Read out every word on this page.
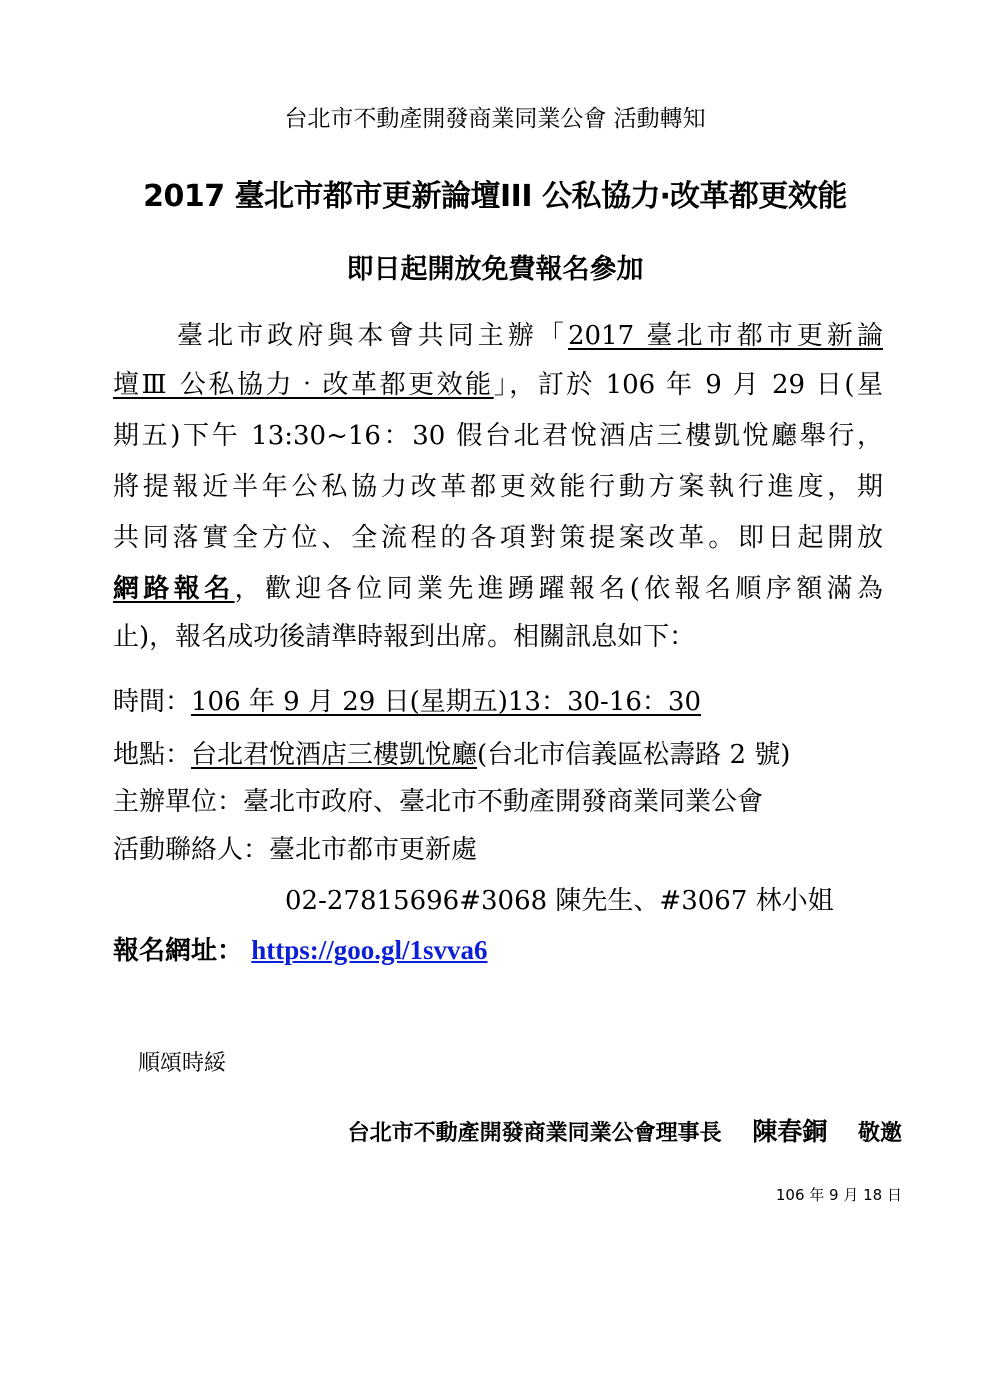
台北市不動產開發商業同業公會 活動轉知
2017 臺北市都市更新論壇III 公私協力‧改革都更效能
即日起開放免費報名參加
臺北市政府與本會共同主辦「2017 臺北市都市更新論
壇Ⅲ 公私協力‧改革都更效能」，訂於 106 年 9 月 29 日(星
期五)下午 13:30~16：30 假台北君悅酒店三樓凱悅廳舉行，
將提報近半年公私協力改革都更效能行動方案執行進度，期
共同落實全方位、全流程的各項對策提案改革。即日起開放
網路報名，歡迎各位同業先進踴躍報名(依報名順序額滿為
止)，報名成功後請準時報到出席。相關訊息如下：
時間：106 年 9 月 29 日(星期五)13：30-16：30
地點：台北君悅酒店三樓凱悅廳(台北市信義區松壽路 2 號)
主辦單位：臺北市政府、臺北市不動產開發商業同業公會
活動聯絡人：臺北市都市更新處
02-27815696#3068 陳先生、#3067 林小姐
報名網址： https://goo.gl/1svva6
順頌時綏
台北市不動產開發商業同業公會理事長 陳春銅 敬邀
106 年 9 月 18 日
